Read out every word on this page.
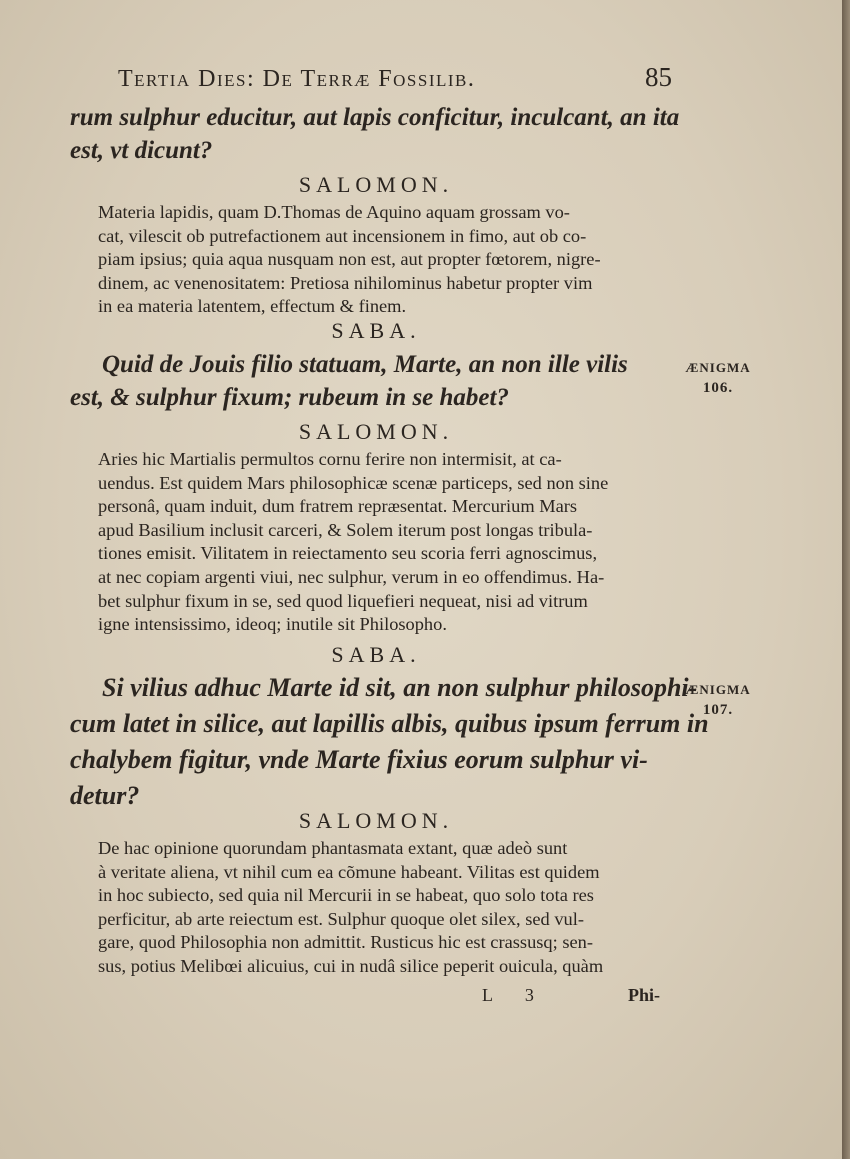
Tertia Dies: De Terræ Fossilib.	85
rum sulphur educitur, aut lapis conficitur, inculcant, an ita
est, vt dicunt?
SALOMON.
Materia lapidis, quam D.Thomas de Aquino aquam grossam vo-
cat, vilescit ob putrefactionem aut incensionem in fimo, aut ob co-
piam ipsius; quia aqua nusquam non est, aut propter fœtorem, nigre-
dinem, ac venenositatem: Pretiosa nihilominus habetur propter vim
in ea materia latentem, effectum & finem.
SABA.
Quid de Jouis filio statuam, Marte, an non ille vilis
est, & sulphur fixum; rubeum in se habet?
ÆNIGMA
106.
SALOMON.
Aries hic Martialis permultos cornu ferire non intermisit, at ca-
uendus. Est quidem Mars philosophicæ scenæ particeps, sed non sine
personâ, quam induit, dum fratrem repræsentat. Mercurium Mars
apud Basilium inclusit carceri, & Solem iterum post longas tribula-
tiones emisit. Vilitatem in reiectamento seu scoria ferri agnoscimus,
at nec copiam argenti viui, nec sulphur, verum in eo offendimus. Ha-
bet sulphur fixum in se, sed quod liquefieri nequeat, nisi ad vitrum
igne intensissimo, ideoq; inutile sit Philosopho.
SABA.
Si vilius adhuc Marte id sit, an non sulphur philosophi-
cum latet in silice, aut lapillis albis, quibus ipsum ferrum in
chalybem figitur, vnde Marte fixius eorum sulphur vi-
detur?
ÆNIGMA
107.
SALOMON.
De hac opinione quorundam phantasmata extant, quæ adeò sunt
à veritate aliena, vt nihil cum ea cõmune habeant. Vilitas est quidem
in hoc subiecto, sed quia nil Mercurii in se habeat, quo solo tota res
perficitur, ab arte reiectum est. Sulphur quoque olet silex, sed vul-
gare, quod Philosophia non admittit. Rusticus hic est crassusq; sen-
sus, potius Melibœi alicuius, cui in nudâ silice peperit ouicula, quàm
L 3	Phi-
